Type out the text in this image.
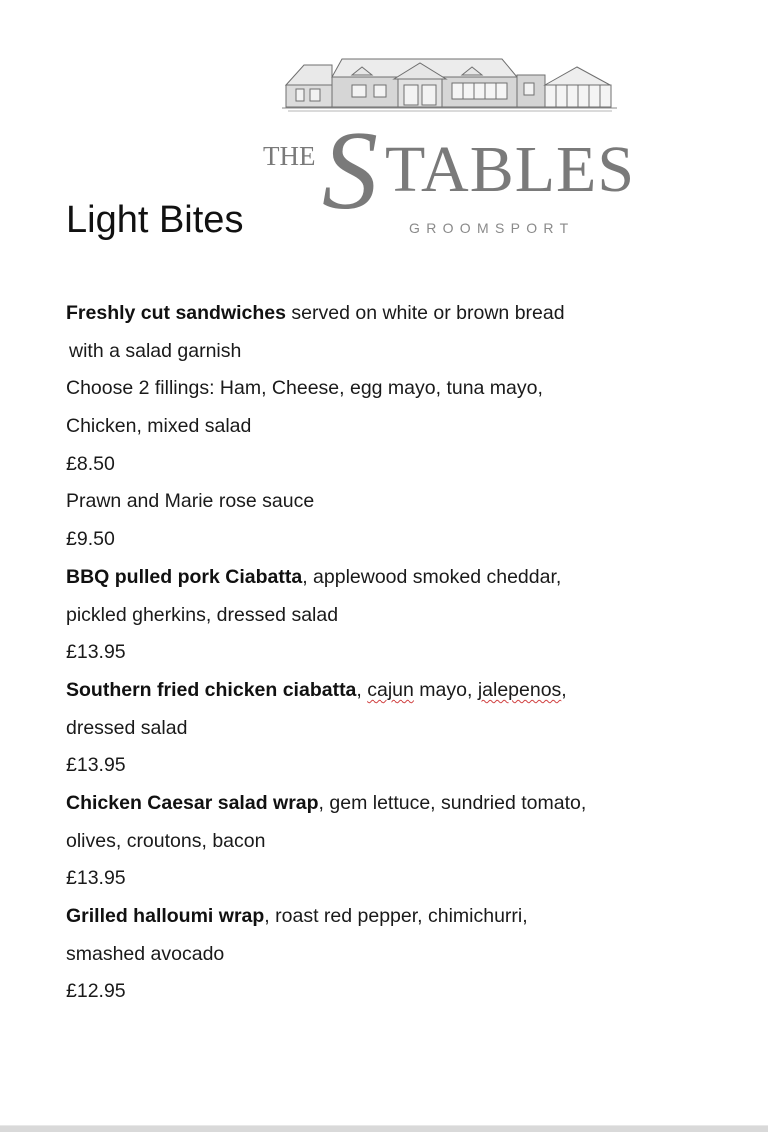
THE S TABLES
GROOMSPORT
Light Bites
Freshly cut sandwiches served on white or brown bread
with a salad garnish
Choose 2 fillings: Ham, Cheese, egg mayo, tuna mayo,
Chicken, mixed salad
£8.50
Prawn and Marie rose sauce
£9.50
BBQ pulled pork Ciabatta, applewood smoked cheddar,
pickled gherkins, dressed salad
£13.95
Southern fried chicken ciabatta, cajun mayo, jalepenos,
dressed salad
£13.95
Chicken Caesar salad wrap, gem lettuce, sundried tomato,
olives, croutons, bacon
£13.95
Grilled halloumi wrap, roast red pepper, chimichurri,
smashed avocado
£12.95
